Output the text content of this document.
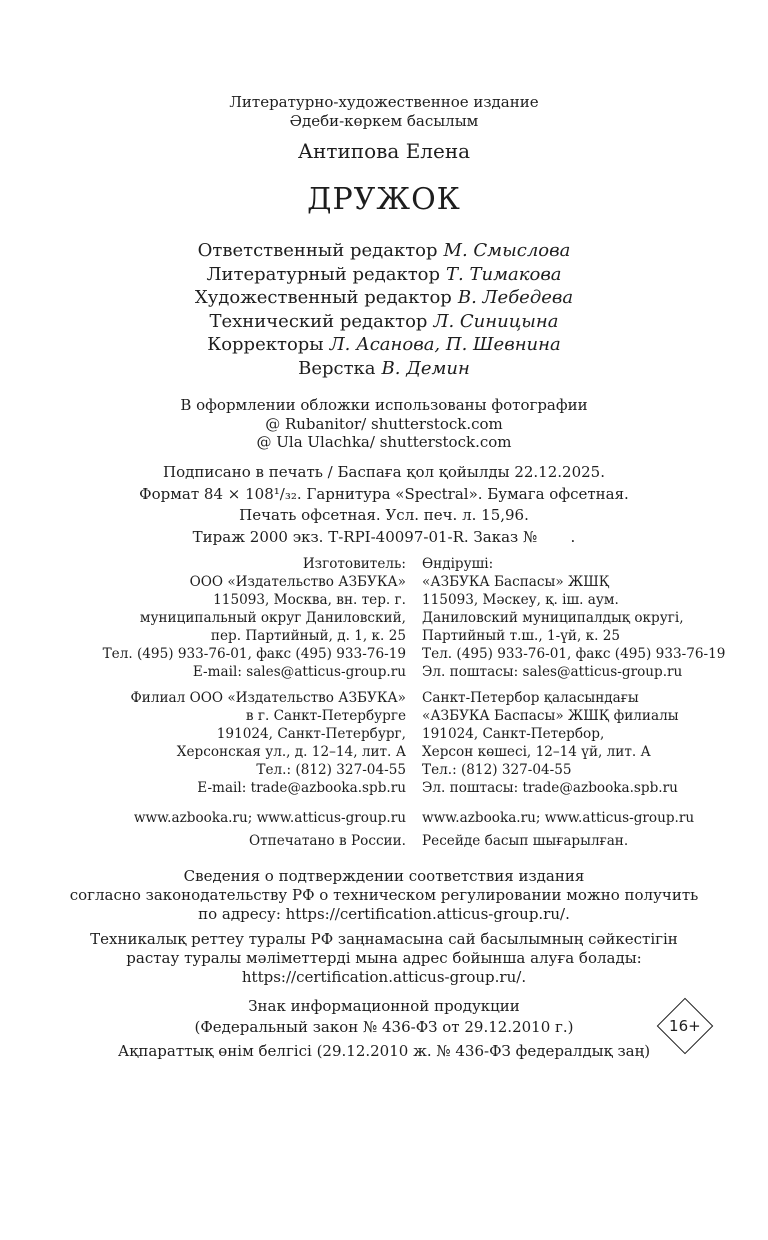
Литературно-художественное издание
Әдеби-көркем басылым
Антипова Елена
ДРУЖОК
Ответственный редактор М. Смыслова
Литературный редактор Т. Тимакова
Художественный редактор В. Лебедева
Технический редактор Л. Синицына
Корректоры Л. Асанова, П. Шевнина
Верстка В. Демин
В оформлении обложки использованы фотографии
@ Rubanitor/ shutterstock.com
@ Ula Ulachka/ shutterstock.com
Подписано в печать / Баспаға қол қойылды 22.12.2025.
Формат 84 × 108¹/₃₂. Гарнитура «Spectral». Бумага офсетная.
Печать офсетная. Усл. печ. л. 15,96.
Тираж 2000 экз. Т-RPI-40097-01-R. Заказ №       .
Изготовитель:
ООО «Издательство АЗБУКА»
115093, Москва, вн. тер. г.
муниципальный округ Даниловский,
пер. Партийный, д. 1, к. 25
Тел. (495) 933-76-01, факс (495) 933-76-19
E-mail: sales@atticus-group.ru
Өндіруші:
«АЗБУКА Баспасы» ЖШҚ
115093, Мәскеу, қ. іш. аум.
Даниловский муниципалдық округі,
Партийный т.ш., 1-үй, к. 25
Тел. (495) 933-76-01, факс (495) 933-76-19
Эл. поштасы: sales@atticus-group.ru
Филиал ООО «Издательство АЗБУКА»
в г. Санкт-Петербурге
191024, Санкт-Петербург,
Херсонская ул., д. 12–14, лит. А
Тел.: (812) 327-04-55
E-mail: trade@azbooka.spb.ru
Санкт-Петербор қаласындағы
«АЗБУКА Баспасы» ЖШҚ филиалы
191024, Санкт-Петербор,
Херсон көшесі, 12–14 үй, лит. А
Тел.: (812) 327-04-55
Эл. поштасы: trade@azbooka.spb.ru
www.azbooka.ru; www.atticus-group.ru www.azbooka.ru; www.atticus-group.ru
Отпечатано в России. Ресейде басып шығарылған.
Сведения о подтверждении соответствия издания
согласно законодательству РФ о техническом регулировании можно получить
по адресу: https://certification.atticus-group.ru/.
Техникалық реттеу туралы РФ заңнамасына сай басылымның сәйкестігін
растау туралы мәліметтерді мына адрес бойынша алуға болады:
https://certification.atticus-group.ru/.
Знак информационной продукции
(Федеральный закон № 436-ФЗ от 29.12.2010 г.)
Ақпараттық өнім белгісі (29.12.2010 ж. № 436-ФЗ федералдық заң)
16+
